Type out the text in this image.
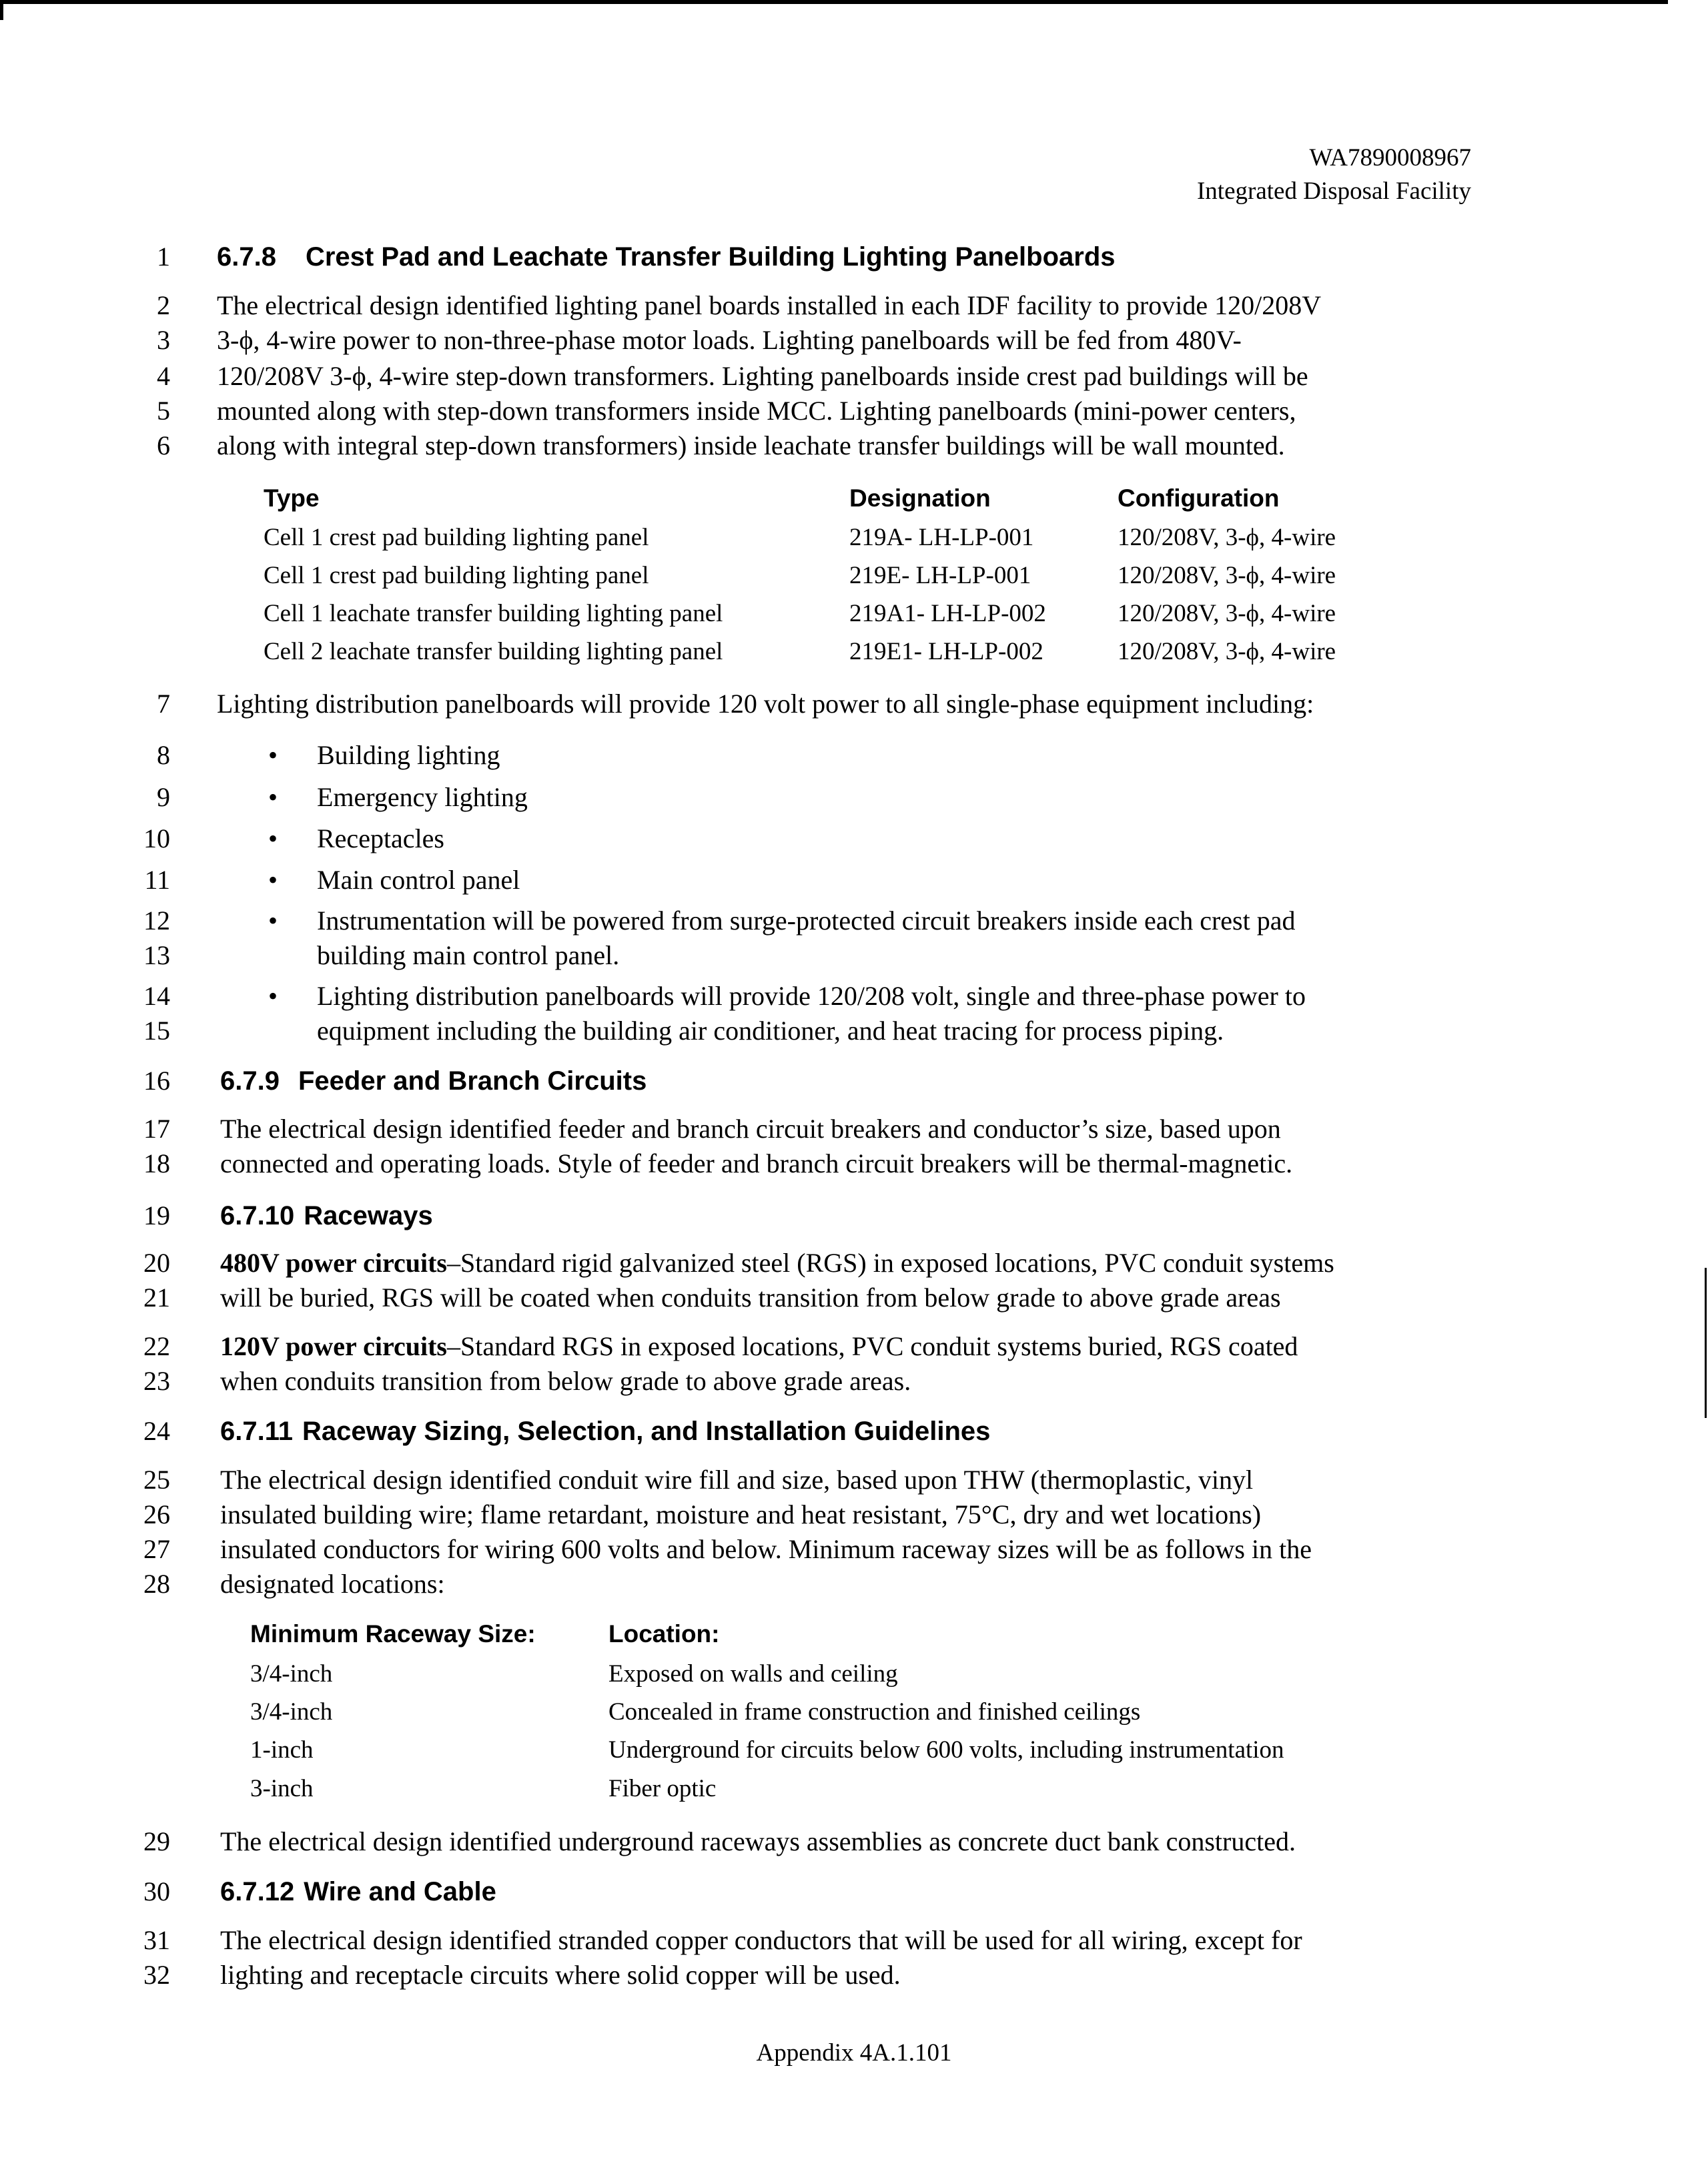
WA7890008967
Integrated Disposal Facility
1
2
3
4
5
6
7
8
9
10
11
12
13
14
15
16
17
18
19
20
21
22
23
24
25
26
27
28
29
30
31
32
6.7.8 Crest Pad and Leachate Transfer Building Lighting Panelboards
The electrical design identified lighting panel boards installed in each IDF facility to provide 120/208V
3-ϕ, 4-wire power to non-three-phase motor loads. Lighting panelboards will be fed from 480V-
120/208V 3-ϕ, 4-wire step-down transformers. Lighting panelboards inside crest pad buildings will be
mounted along with step-down transformers inside MCC. Lighting panelboards (mini-power centers,
along with integral step-down transformers) inside leachate transfer buildings will be wall mounted.
Type	Designation	Configuration
Cell 1 crest pad building lighting panel	219A- LH-LP-001	120/208V, 3-ϕ, 4-wire
Cell 1 crest pad building lighting panel	219E- LH-LP-001	120/208V, 3-ϕ, 4-wire
Cell 1 leachate transfer building lighting panel	219A1- LH-LP-002	120/208V, 3-ϕ, 4-wire
Cell 2 leachate transfer building lighting panel	219E1- LH-LP-002	120/208V, 3-ϕ, 4-wire
Lighting distribution panelboards will provide 120 volt power to all single-phase equipment including:
• Building lighting
• Emergency lighting
• Receptacles
• Main control panel
• Instrumentation will be powered from surge-protected circuit breakers inside each crest pad
building main control panel.
• Lighting distribution panelboards will provide 120/208 volt, single and three-phase power to
equipment including the building air conditioner, and heat tracing for process piping.
6.7.9 Feeder and Branch Circuits
The electrical design identified feeder and branch circuit breakers and conductor’s size, based upon
connected and operating loads. Style of feeder and branch circuit breakers will be thermal-magnetic.
6.7.10 Raceways
480V power circuits–Standard rigid galvanized steel (RGS) in exposed locations, PVC conduit systems
will be buried, RGS will be coated when conduits transition from below grade to above grade areas
120V power circuits–Standard RGS in exposed locations, PVC conduit systems buried, RGS coated
when conduits transition from below grade to above grade areas.
6.7.11 Raceway Sizing, Selection, and Installation Guidelines
The electrical design identified conduit wire fill and size, based upon THW (thermoplastic, vinyl
insulated building wire; flame retardant, moisture and heat resistant, 75°C, dry and wet locations)
insulated conductors for wiring 600 volts and below. Minimum raceway sizes will be as follows in the
designated locations:
Minimum Raceway Size:	Location:
3/4-inch	Exposed on walls and ceiling
3/4-inch	Concealed in frame construction and finished ceilings
1-inch	Underground for circuits below 600 volts, including instrumentation
3-inch	Fiber optic
The electrical design identified underground raceways assemblies as concrete duct bank constructed.
6.7.12 Wire and Cable
The electrical design identified stranded copper conductors that will be used for all wiring, except for
lighting and receptacle circuits where solid copper will be used.
Appendix 4A.1.101
